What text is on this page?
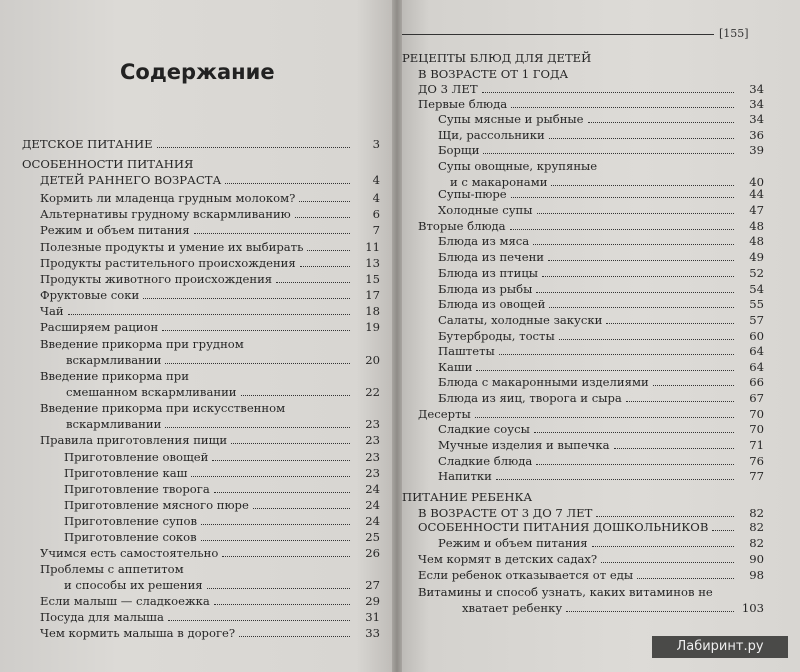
Содержание
[155]
ДЕТСКОЕ ПИТАНИЕ	3
ОСОБЕННОСТИ ПИТАНИЯ
ДЕТЕЙ РАННЕГО ВОЗРАСТА	4
Кормить ли младенца грудным молоком?	4
Альтернативы грудному вскармливанию	6
Режим и объем питания	7
Полезные продукты и умение их выбирать	11
Продукты растительного происхождения	13
Продукты животного происхождения	15
Фруктовые соки	17
Чай	18
Расширяем рацион	19
Введение прикорма при грудном
вскармливании	20
Введение прикорма при
смешанном вскармливании	22
Введение прикорма при искусственном
вскармливании	23
Правила приготовления пищи	23
Приготовление овощей	23
Приготовление каш	23
Приготовление творога	24
Приготовление мясного пюре	24
Приготовление супов	24
Приготовление соков	25
Учимся есть самостоятельно	26
Проблемы с аппетитом
и способы их решения	27
Если малыш — сладкоежка	29
Посуда для малыша	31
Чем кормить малыша в дороге?	33
РЕЦЕПТЫ БЛЮД ДЛЯ ДЕТЕЙ
В ВОЗРАСТЕ ОТ 1 ГОДА
ДО 3 ЛЕТ	34
Первые блюда	34
Супы мясные и рыбные	34
Щи, рассольники	36
Борщи	39
Супы овощные, крупяные
и с макаронами	40
Супы-пюре	44
Холодные супы	47
Вторые блюда	48
Блюда из мяса	48
Блюда из печени	49
Блюда из птицы	52
Блюда из рыбы	54
Блюда из овощей	55
Салаты, холодные закуски	57
Бутерброды, тосты	60
Паштеты	64
Каши	64
Блюда с макаронными изделиями	66
Блюда из яиц, творога и сыра	67
Десерты	70
Сладкие соусы	70
Мучные изделия и выпечка	71
Сладкие блюда	76
Напитки	77
ПИТАНИЕ РЕБЕНКА
В ВОЗРАСТЕ ОТ 3 ДО 7 ЛЕТ	82
ОСОБЕННОСТИ ПИТАНИЯ ДОШКОЛЬНИКОВ	82
Режим и объем питания	82
Чем кормят в детских садах?	90
Если ребенок отказывается от еды	98
Витамины и способ узнать, каких витаминов не
хватает ребенку	103
Лабиринт.ру
